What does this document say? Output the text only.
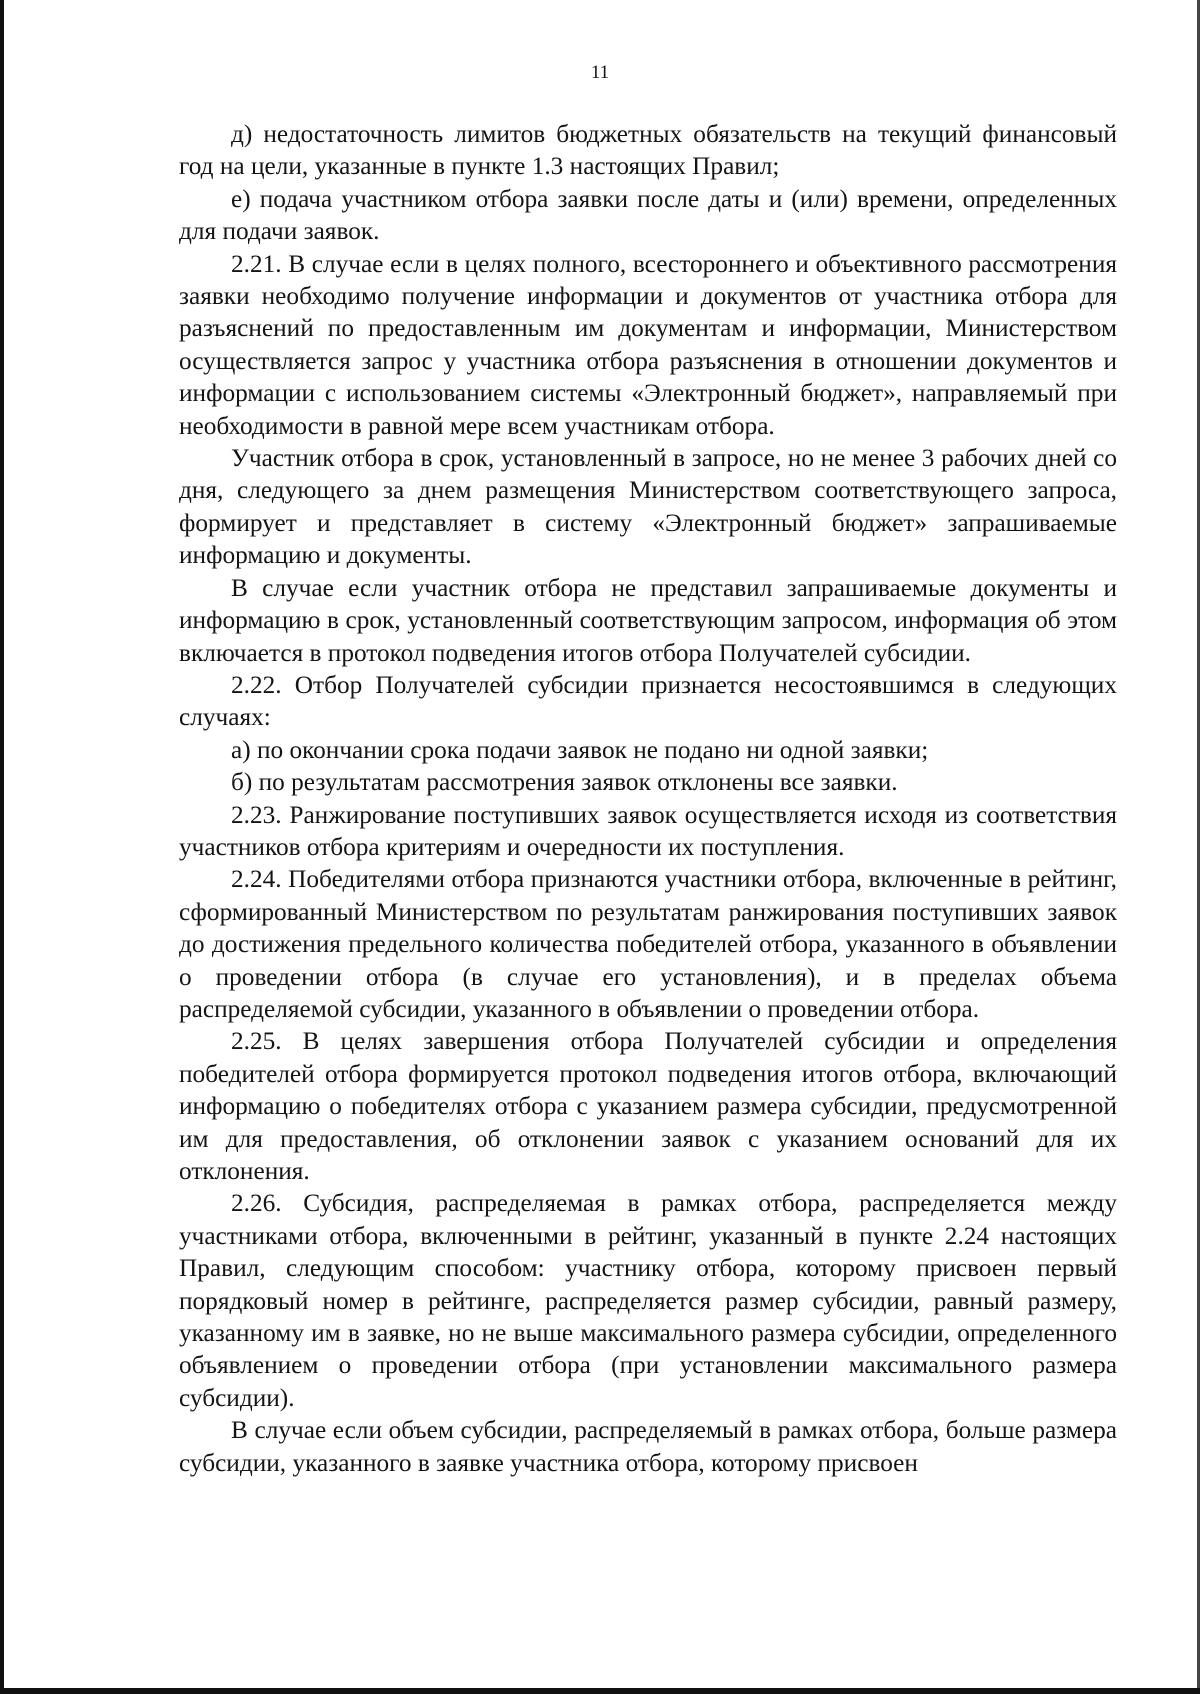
11

д) недостаточность лимитов бюджетных обязательств на текущий финансовый год на цели, указанные в пункте 1.3 настоящих Правил;

е) подача участником отбора заявки после даты и (или) времени, определенных для подачи заявок.

2.21. В случае если в целях полного, всестороннего и объективного рассмотрения заявки необходимо получение информации и документов от участника отбора для разъяснений по предоставленным им документам и информации, Министерством осуществляется запрос у участника отбора разъяснения в отношении документов и информации с использованием системы «Электронный бюджет», направляемый при необходимости в равной мере всем участникам отбора.

Участник отбора в срок, установленный в запросе, но не менее 3 рабочих дней со дня, следующего за днем размещения Министерством соответствующего запроса, формирует и представляет в систему «Электронный бюджет» запрашиваемые информацию и документы.

В случае если участник отбора не представил запрашиваемые документы и информацию в срок, установленный соответствующим запросом, информация об этом включается в протокол подведения итогов отбора Получателей субсидии.

2.22. Отбор Получателей субсидии признается несостоявшимся в следующих случаях:

а) по окончании срока подачи заявок не подано ни одной заявки;

б) по результатам рассмотрения заявок отклонены все заявки.

2.23. Ранжирование поступивших заявок осуществляется исходя из соответствия участников отбора критериям и очередности их поступления.

2.24. Победителями отбора признаются участники отбора, включенные в рейтинг, сформированный Министерством по результатам ранжирования поступивших заявок до достижения предельного количества победителей отбора, указанного в объявлении о проведении отбора (в случае его установления), и в пределах объема распределяемой субсидии, указанного в объявлении о проведении отбора.

2.25. В целях завершения отбора Получателей субсидии и определения победителей отбора формируется протокол подведения итогов отбора, включающий информацию о победителях отбора с указанием размера субсидии, предусмотренной им для предоставления, об отклонении заявок с указанием оснований для их отклонения.

2.26. Субсидия, распределяемая в рамках отбора, распределяется между участниками отбора, включенными в рейтинг, указанный в пункте 2.24 настоящих Правил, следующим способом: участнику отбора, которому присвоен первый порядковый номер в рейтинге, распределяется размер субсидии, равный размеру, указанному им в заявке, но не выше максимального размера субсидии, определенного объявлением о проведении отбора (при установлении максимального размера субсидии).

В случае если объем субсидии, распределяемый в рамках отбора, больше размера субсидии, указанного в заявке участника отбора, которому присвоен
